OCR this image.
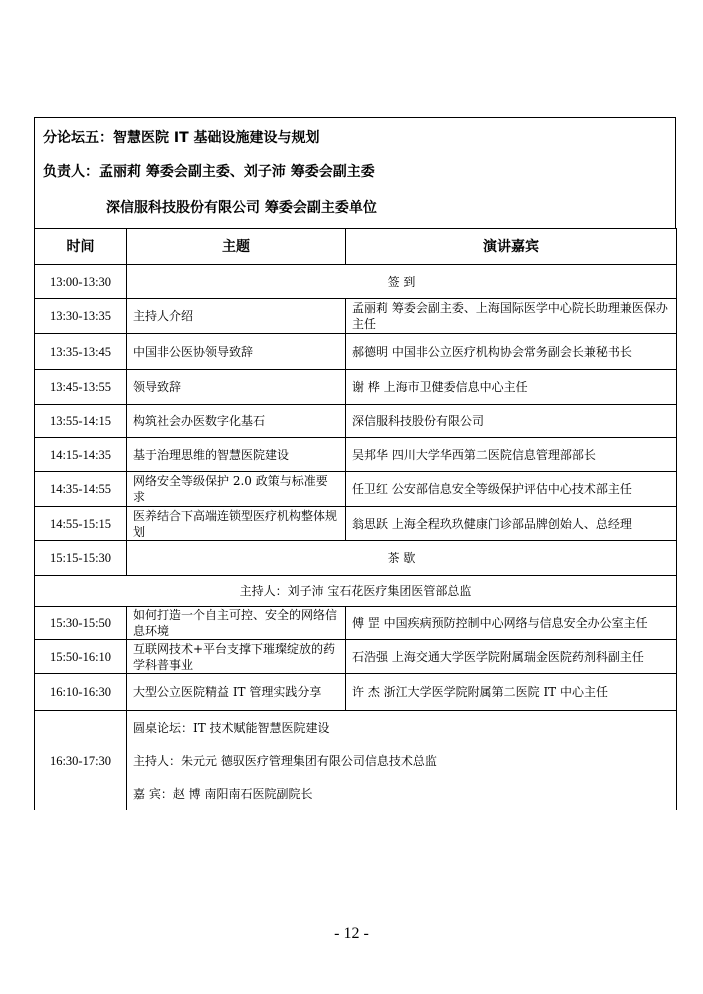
分论坛五：智慧医院 IT 基础设施建设与规划

负责人：孟丽莉 筹委会副主委、刘子沛 筹委会副主委

深信服科技股份有限公司 筹委会副主委单位

时间	主题	演讲嘉宾
13:00-13:30	签 到	
13:30-13:35	主持人介绍	孟丽莉 筹委会副主委、上海国际医学中心院长助理兼医保办主任
13:35-13:45	中国非公医协领导致辞	郝德明 中国非公立医疗机构协会常务副会长兼秘书长
13:45-13:55	领导致辞	谢 桦 上海市卫健委信息中心主任
13:55-14:15	构筑社会办医数字化基石	深信服科技股份有限公司
14:15-14:35	基于治理思维的智慧医院建设	吴邦华 四川大学华西第二医院信息管理部部长
14:35-14:55	网络安全等级保护 2.0 政策与标准要求	任卫红 公安部信息安全等级保护评估中心技术部主任
14:55-15:15	医养结合下高端连锁型医疗机构整体规划	翁思跃 上海全程玖玖健康门诊部品牌创始人、总经理
15:15-15:30	茶 歇	
主持人：刘子沛 宝石花医疗集团医管部总监		
15:30-15:50	如何打造一个自主可控、安全的网络信息环境	傅 罡 中国疾病预防控制中心网络与信息安全办公室主任
15:50-16:10	互联网技术+平台支撑下璀璨绽放的药学科普事业	石浩强 上海交通大学医学院附属瑞金医院药剂科副主任
16:10-16:30	大型公立医院精益 IT 管理实践分享	许 杰 浙江大学医学院附属第二医院 IT 中心主任
16:30-17:30	圆桌论坛：IT 技术赋能智慧医院建设

主持人：朱元元 德驭医疗管理集团有限公司信息技术总监

嘉 宾：赵 博 南阳南石医院副院长	

- 12 -
